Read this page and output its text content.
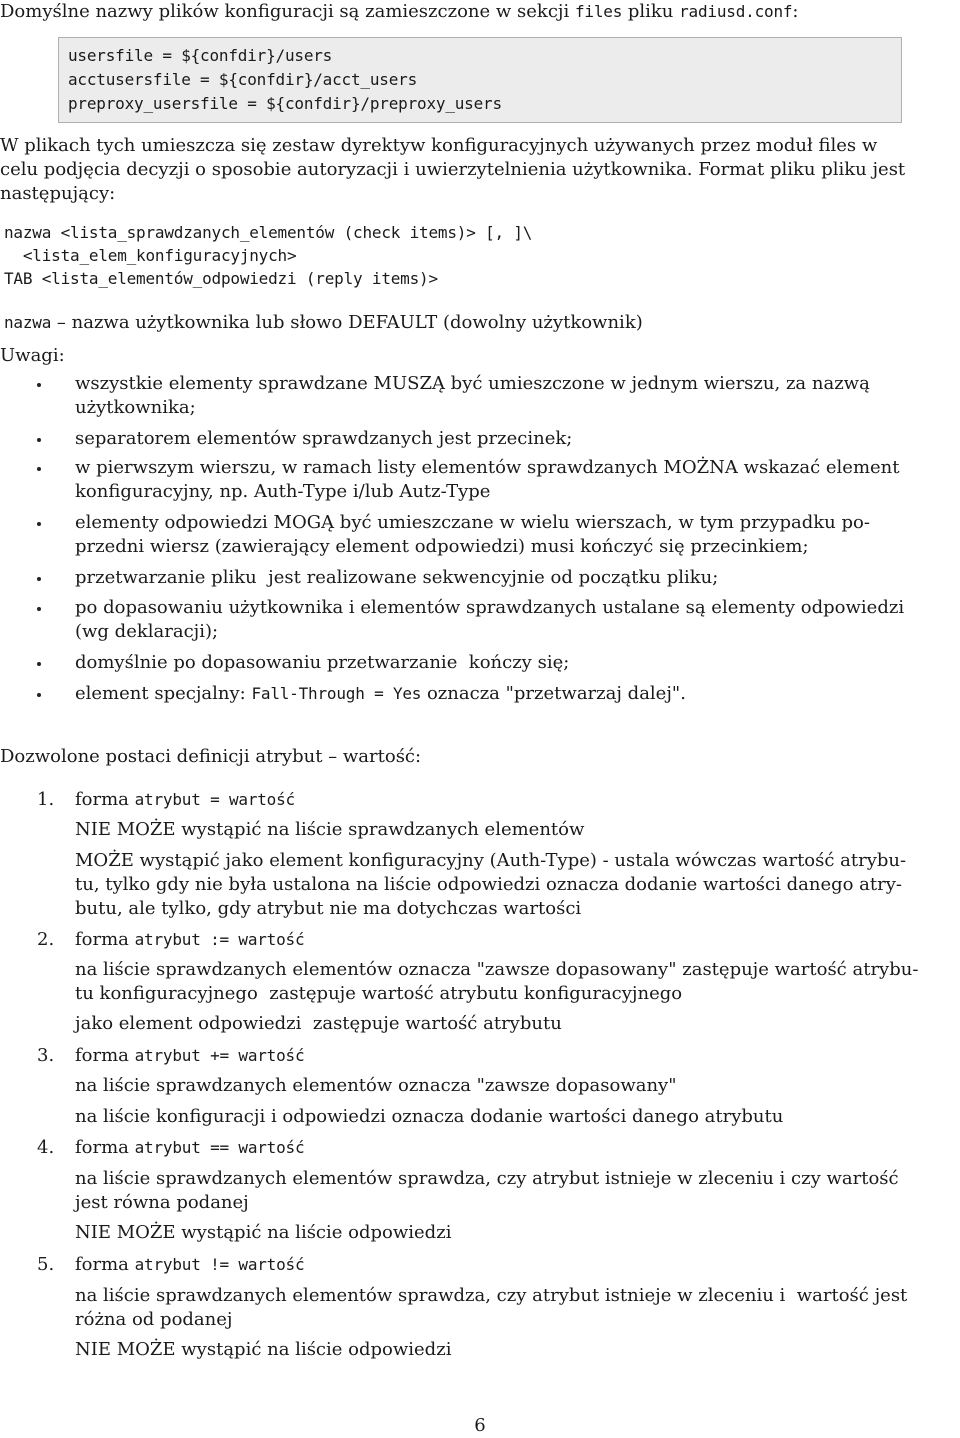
Domyślne nazwy plików konfiguracji są zamieszczone w sekcji files pliku radiusd.conf:
usersfile = ${confdir}/users
acctusersfile = ${confdir}/acct_users
preproxy_usersfile = ${confdir}/preproxy_users
W plikach tych umieszcza się zestaw dyrektyw konfiguracyjnych używanych przez moduł files w
celu podjęcia decyzji o sposobie autoryzacji i uwierzytelnienia użytkownika. Format pliku pliku jest
następujący:
nazwa <lista_sprawdzanych_elementów (check items)> [, ]\
<lista_elem_konfiguracyjnych>
TAB <lista_elementów_odpowiedzi (reply items)>
nazwa – nazwa użytkownika lub słowo DEFAULT (dowolny użytkownik)
Uwagi:
wszystkie elementy sprawdzane MUSZĄ być umieszczone w jednym wierszu, za nazwą
użytkownika;
separatorem elementów sprawdzanych jest przecinek;
w pierwszym wierszu, w ramach listy elementów sprawdzanych MOŻNA wskazać element
konfiguracyjny, np. Auth-Type i/lub Autz-Type
elementy odpowiedzi MOGĄ być umieszczane w wielu wierszach, w tym przypadku po-
przedni wiersz (zawierający element odpowiedzi) musi kończyć się przecinkiem;
przetwarzanie pliku  jest realizowane sekwencyjnie od początku pliku;
po dopasowaniu użytkownika i elementów sprawdzanych ustalane są elementy odpowiedzi
(wg deklaracji);
domyślnie po dopasowaniu przetwarzanie  kończy się;
element specjalny: Fall-Through = Yes oznacza "przetwarzaj dalej".
Dozwolone postaci definicji atrybut – wartość:
1. forma atrybut = wartość
NIE MOŻE wystąpić na liście sprawdzanych elementów
MOŻE wystąpić jako element konfiguracyjny (Auth-Type) - ustala wówczas wartość atrybu-
tu, tylko gdy nie była ustalona na liście odpowiedzi oznacza dodanie wartości danego atry-
butu, ale tylko, gdy atrybut nie ma dotychczas wartości
2. forma atrybut := wartość
na liście sprawdzanych elementów oznacza "zawsze dopasowany" zastępuje wartość atrybu-
tu konfiguracyjnego  zastępuje wartość atrybutu konfiguracyjnego
jako element odpowiedzi  zastępuje wartość atrybutu
3. forma atrybut += wartość
na liście sprawdzanych elementów oznacza "zawsze dopasowany"
na liście konfiguracji i odpowiedzi oznacza dodanie wartości danego atrybutu
4. forma atrybut == wartość
na liście sprawdzanych elementów sprawdza, czy atrybut istnieje w zleceniu i czy wartość
jest równa podanej
NIE MOŻE wystąpić na liście odpowiedzi
5. forma atrybut != wartość
na liście sprawdzanych elementów sprawdza, czy atrybut istnieje w zleceniu i  wartość jest
różna od podanej
NIE MOŻE wystąpić na liście odpowiedzi
6
